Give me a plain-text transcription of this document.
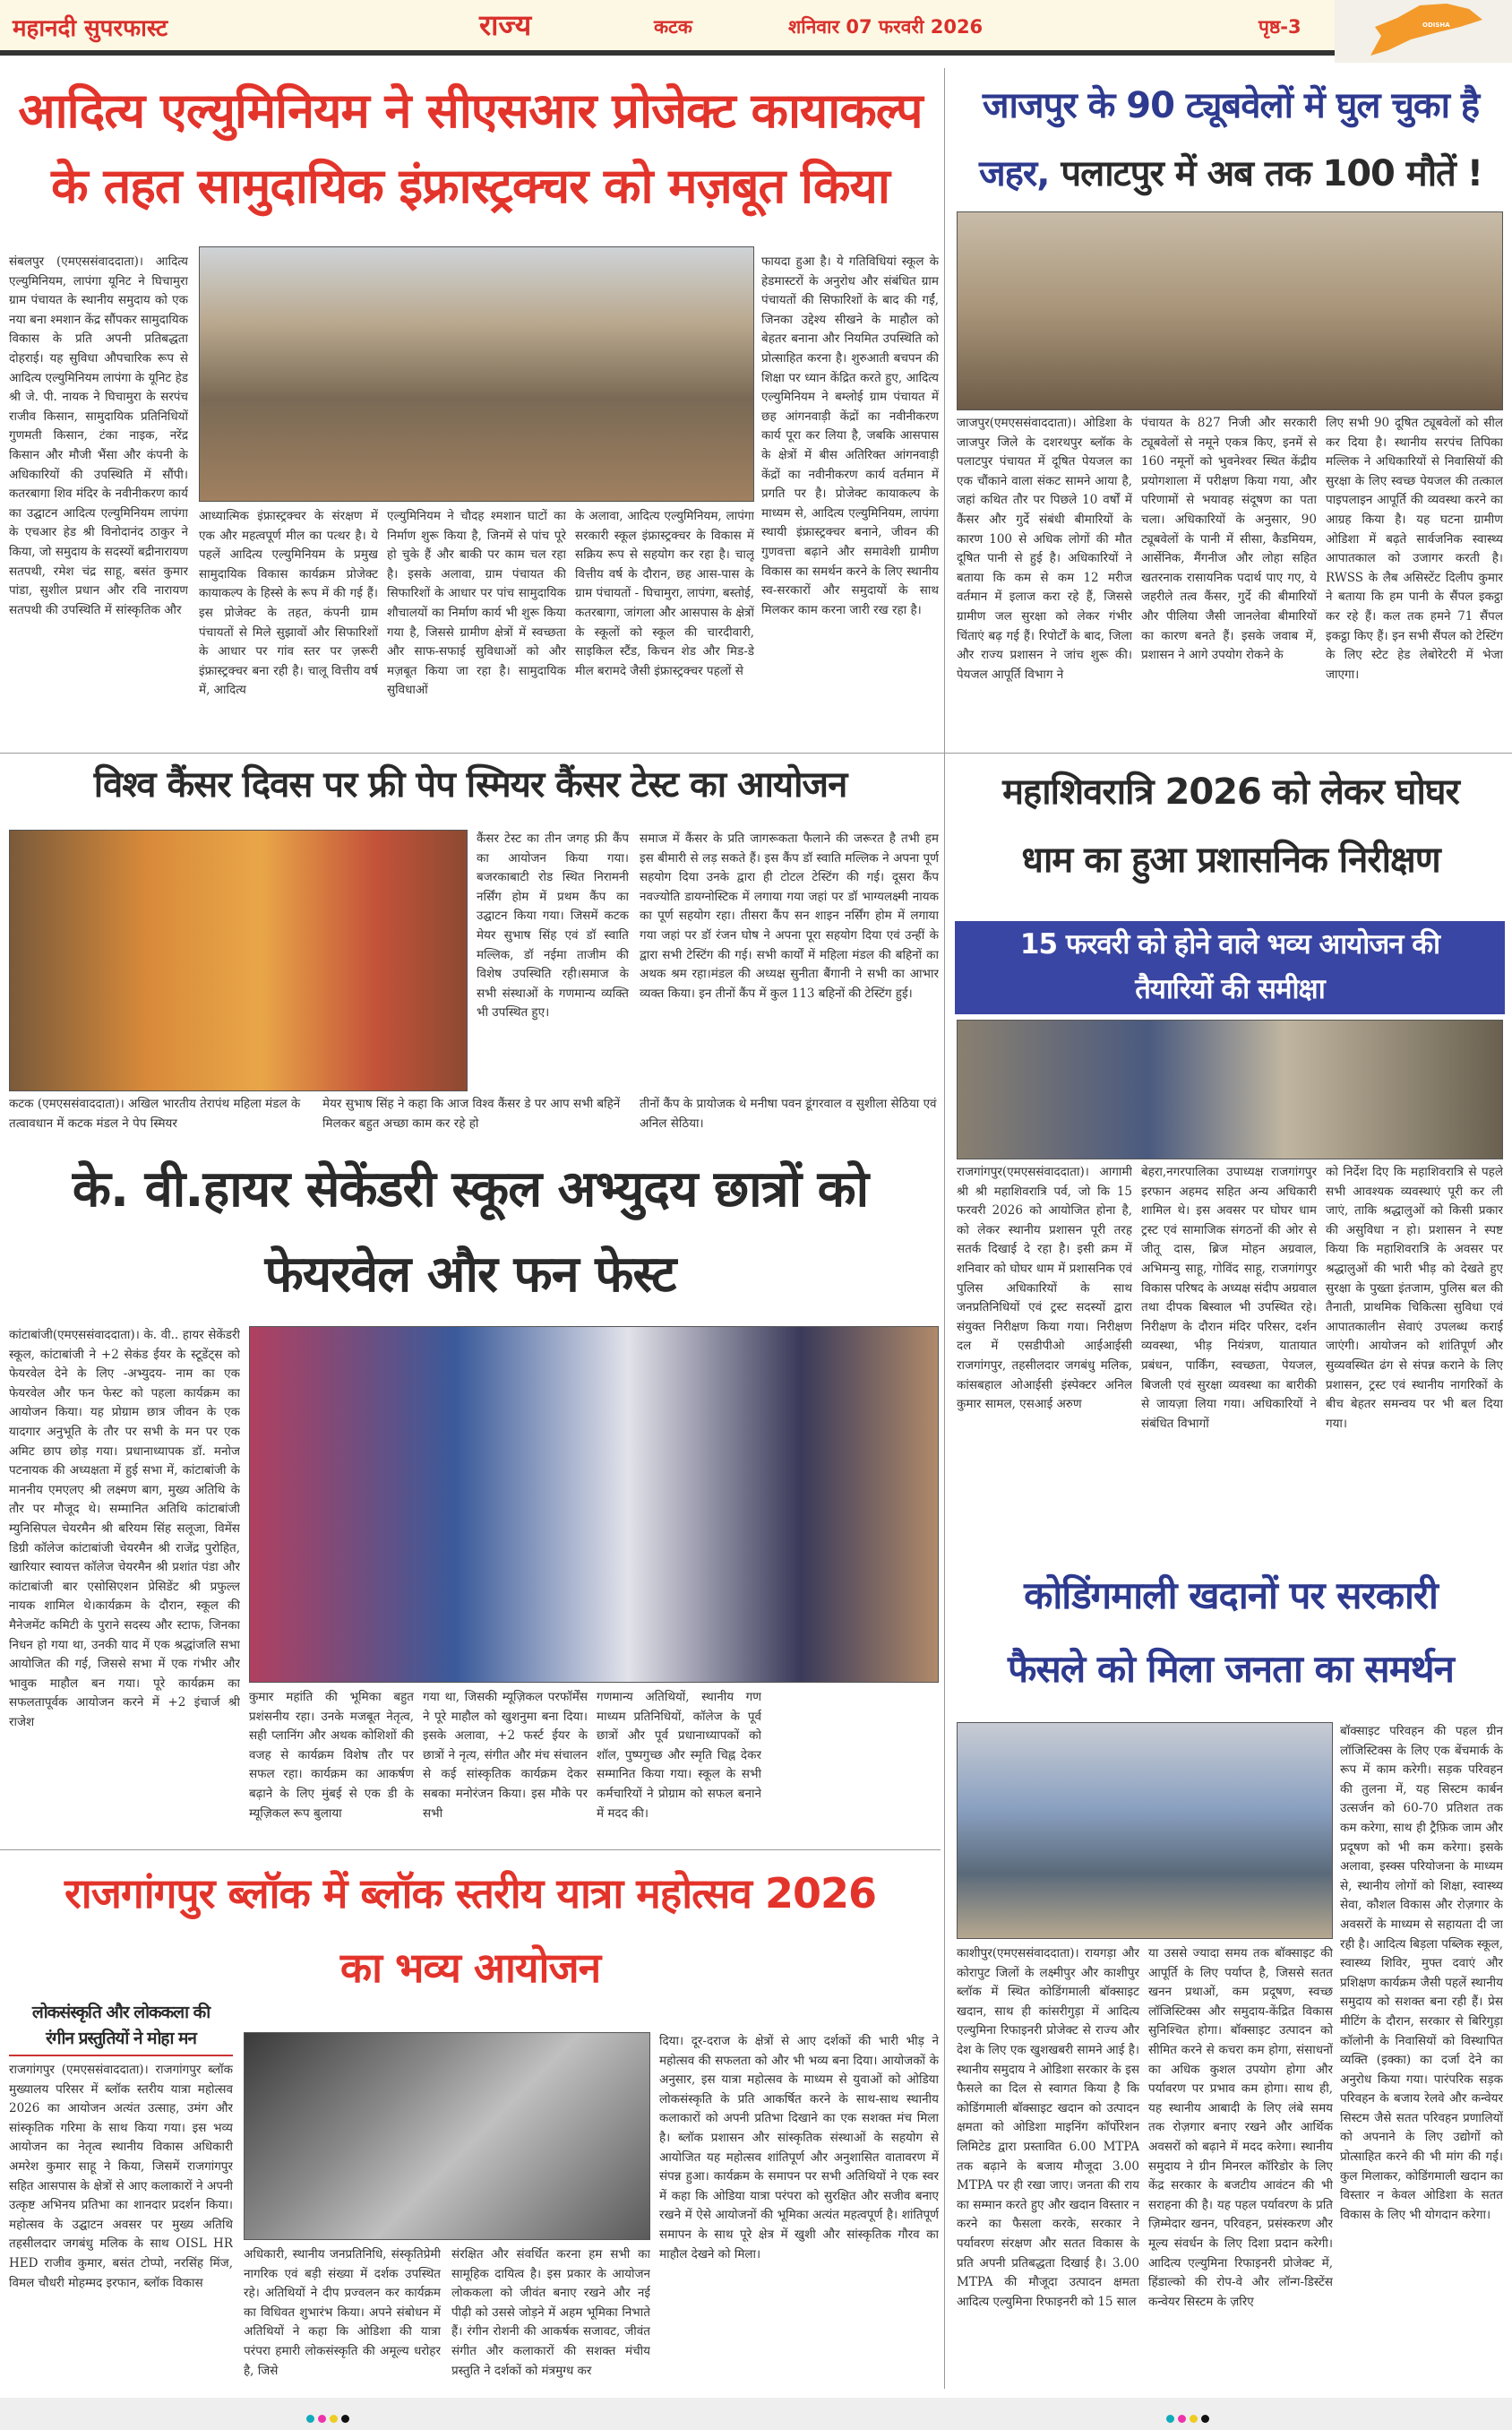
महानदी सुपरफास्ट	राज्य	कटक	शनिवार 07 फरवरी 2026	पृष्ठ-3	ODISHA
आदित्य एल्युमिनियम ने सीएसआर प्रोजेक्ट कायाकल्प
के तहत सामुदायिक इंफ्रास्ट्रक्चर को मज़बूत किया
संबलपुर (एमएससंवाददाता)। आदित्य एल्युमिनियम, लापंगा यूनिट ने घिचामुरा ग्राम पंचायत के स्थानीय समुदाय को एक नया बना श्मशान केंद्र सौंपकर सामुदायिक विकास के प्रति अपनी प्रतिबद्धता दोहराई। यह सुविधा औपचारिक रूप से आदित्य एल्युमिनियम लापंगा के यूनिट हेड श्री जे. पी. नायक ने घिचामुरा के सरपंच राजीव किसान, सामुदायिक प्रतिनिधियों गुणमती किसान, टंका नाइक, नरेंद्र किसान और मौजी भैंसा और कंपनी के अधिकारियों की उपस्थिति में सौंपी। कतरबागा शिव मंदिर के नवीनीकरण कार्य का उद्घाटन आदित्य एल्युमिनियम लापंगा के एचआर हेड श्री विनोदानंद ठाकुर ने किया, जो समुदाय के सदस्यों बद्रीनारायण सतपथी, रमेश चंद्र साहू, बसंत कुमार पांडा, सुशील प्रधान और रवि नारायण सतपथी की उपस्थिति में सांस्कृतिक और
आध्यात्मिक इंफ्रास्ट्रक्चर के संरक्षण में एक और महत्वपूर्ण मील का पत्थर है। ये पहलें आदित्य एल्युमिनियम के प्रमुख सामुदायिक विकास कार्यक्रम प्रोजेक्ट कायाकल्प के हिस्से के रूप में की गई हैं। इस प्रोजेक्ट के तहत, कंपनी ग्राम पंचायतों से मिले सुझावों और सिफारिशों के आधार पर गांव स्तर पर ज़रूरी इंफ्रास्ट्रक्चर बना रही है। चालू वित्तीय वर्ष में, आदित्य
एल्युमिनियम ने चौदह श्मशान घाटों का निर्माण शुरू किया है, जिनमें से पांच पूरे हो चुके हैं और बाकी पर काम चल रहा है। इसके अलावा, ग्राम पंचायत की सिफारिशों के आधार पर पांच सामुदायिक शौचालयों का निर्माण कार्य भी शुरू किया गया है, जिससे ग्रामीण क्षेत्रों में स्वच्छता और साफ-सफाई सुविधाओं को और मज़बूत किया जा रहा है। सामुदायिक सुविधाओं
के अलावा, आदित्य एल्युमिनियम, लापंगा सरकारी स्कूल इंफ्रास्ट्रक्चर के विकास में सक्रिय रूप से सहयोग कर रहा है। चालू वित्तीय वर्ष के दौरान, छह आस-पास के ग्राम पंचायतों - घिचामुरा, लापंगा, बस्तोई, कतरबागा, जांगला और आसपास के क्षेत्रों के स्कूलों को स्कूल की चारदीवारी, साइकिल स्टैंड, किचन शेड और मिड-डे मील बरामदे जैसी इंफ्रास्ट्रक्चर पहलों से
फायदा हुआ है। ये गतिविधियां स्कूल के हेडमास्टरों के अनुरोध और संबंधित ग्राम पंचायतों की सिफारिशों के बाद की गईं, जिनका उद्देश्य सीखने के माहौल को बेहतर बनाना और नियमित उपस्थिति को प्रोत्साहित करना है। शुरुआती बचपन की शिक्षा पर ध्यान केंद्रित करते हुए, आदित्य एल्युमिनियम ने बम्लोई ग्राम पंचायत में छह आंगनवाड़ी केंद्रों का नवीनीकरण कार्य पूरा कर लिया है, जबकि आसपास के क्षेत्रों में बीस अतिरिक्त आंगनवाड़ी केंद्रों का नवीनीकरण कार्य वर्तमान में प्रगति पर है। प्रोजेक्ट कायाकल्प के माध्यम से, आदित्य एल्युमिनियम, लापंगा स्थायी इंफ्रास्ट्रक्चर बनाने, जीवन की गुणवत्ता बढ़ाने और समावेशी ग्रामीण विकास का समर्थन करने के लिए स्थानीय स्व-सरकारों और समुदायों के साथ मिलकर काम करना जारी रख रहा है।
जाजपुर के 90 ट्यूबवेलों में घुल चुका है
जहर, पलाटपुर में अब तक 100 मौतें !
जाजपुर(एमएससंवाददाता)। ओडिशा के जाजपुर जिले के दशरथपुर ब्लॉक के पलाटपुर पंचायत में दूषित पेयजल का एक चौंकाने वाला संकट सामने आया है, जहां कथित तौर पर पिछले 10 वर्षों में कैंसर और गुर्दे संबंधी बीमारियों के कारण 100 से अधिक लोगों की मौत दूषित पानी से हुई है। अधिकारियों ने बताया कि कम से कम 12 मरीज वर्तमान में इलाज करा रहे हैं, जिससे ग्रामीण जल सुरक्षा को लेकर गंभीर चिंताएं बढ़ गई हैं। रिपोर्टों के बाद, जिला और राज्य प्रशासन ने जांच शुरू की। पेयजल आपूर्ति विभाग ने
पंचायत के 827 निजी और सरकारी ट्यूबवेलों से नमूने एकत्र किए, इनमें से 160 नमूनों को भुवनेश्वर स्थित केंद्रीय प्रयोगशाला में परीक्षण किया गया, और परिणामों से भयावह संदूषण का पता चला। अधिकारियों के अनुसार, 90 ट्यूबवेलों के पानी में सीसा, कैडमियम, आर्सेनिक, मैंगनीज और लोहा सहित खतरनाक रासायनिक पदार्थ पाए गए, ये जहरीले तत्व कैंसर, गुर्दे की बीमारियों और पीलिया जैसी जानलेवा बीमारियों का कारण बनते हैं। इसके जवाब में, प्रशासन ने आगे उपयोग रोकने के
लिए सभी 90 दूषित ट्यूबवेलों को सील कर दिया है। स्थानीय सरपंच तिपिका मल्लिक ने अधिकारियों से निवासियों की सुरक्षा के लिए स्वच्छ पेयजल की तत्काल पाइपलाइन आपूर्ति की व्यवस्था करने का आग्रह किया है। यह घटना ग्रामीण ओडिशा में बढ़ते सार्वजनिक स्वास्थ्य आपातकाल को उजागर करती है। RWSS के लैब असिस्टेंट दिलीप कुमार ने बताया कि हम पानी के सैंपल इकट्ठा कर रहे हैं। कल तक हमने 71 सैंपल इकट्ठा किए हैं। इन सभी सैंपल को टेस्टिंग के लिए स्टेट हेड लेबोरेटरी में भेजा जाएगा।
विश्व कैंसर दिवस पर फ्री पेप स्मियर कैंसर टेस्ट का आयोजन
कैंसर टेस्ट का तीन जगह फ्री कैंप का आयोजन किया गया। बजरकाबाटी रोड स्थित निरामनी नर्सिंग होम में प्रथम कैंप का उद्घाटन किया गया। जिसमें कटक मेयर सुभाष सिंह एवं डॉ स्वाति मल्लिक, डॉ नईमा ताजीम की विशेष उपस्थिति रही।समाज के सभी संस्थाओं के गणमान्य व्यक्ति भी उपस्थित हुए।
समाज में कैंसर के प्रति जागरूकता फैलाने की जरूरत है तभी हम इस बीमारी से लड़ सकते हैं। इस कैंप डॉ स्वाति मल्लिक ने अपना पूर्ण सहयोग दिया उनके द्वारा ही टोटल टेस्टिंग की गई। दूसरा कैंप नवज्योति डायग्नोस्टिक में लगाया गया जहां पर डॉ भाग्यलक्ष्मी नायक का पूर्ण सहयोग रहा। तीसरा कैंप सन शाइन नर्सिंग होम में लगाया गया जहां पर डॉ रंजन घोष ने अपना पूरा सहयोग दिया एवं उन्हीं के द्वारा सभी टेस्टिंग की गई। सभी कार्यों में महिला मंडल की बहिनों का अथक श्रम रहा।मंडल की अध्यक्ष सुनीता बैंगानी ने सभी का आभार व्यक्त किया। इन तीनों कैंप में कुल 113 बहिनों की टेस्टिंग हुई।
कटक (एमएससंवाददाता)। अखिल भारतीय तेरापंथ महिला मंडल के तत्वावधान में कटक मंडल ने पेप स्मियर
मेयर सुभाष सिंह ने कहा कि आज विश्व कैंसर डे पर आप सभी बहिनें मिलकर बहुत अच्छा काम कर रहे हो
तीनों कैंप के प्रायोजक थे मनीषा पवन डूंगरवाल व सुशीला सेठिया एवं अनिल सेठिया।
महाशिवरात्रि 2026 को लेकर घोघर
धाम का हुआ प्रशासनिक निरीक्षण
15 फरवरी को होने वाले भव्य आयोजन की
तैयारियों की समीक्षा
राजगांगपुर(एमएससंवाददाता)। आगामी श्री श्री महाशिवरात्रि पर्व, जो कि 15 फरवरी 2026 को आयोजित होना है, को लेकर स्थानीय प्रशासन पूरी तरह सतर्क दिखाई दे रहा है। इसी क्रम में शनिवार को घोघर धाम में प्रशासनिक एवं पुलिस अधिकारियों के साथ जनप्रतिनिधियों एवं ट्रस्ट सदस्यों द्वारा संयुक्त निरीक्षण किया गया। निरीक्षण दल में एसडीपीओ आईआईसी राजगांगपुर, तहसीलदार जगबंधु मलिक, कांसबहाल ओआईसी इंस्पेक्टर अनिल कुमार सामल, एसआई अरुण
बेहरा,नगरपालिका उपाध्यक्ष राजगांगपुर इरफान अहमद सहित अन्य अधिकारी शामिल थे। इस अवसर पर घोघर धाम ट्रस्ट एवं सामाजिक संगठनों की ओर से जीतू दास, ब्रिज मोहन अग्रवाल, अभिमन्यु साहू, गोविंद साहू, राजगांगपुर विकास परिषद के अध्यक्ष संदीप अग्रवाल तथा दीपक बिस्वाल भी उपस्थित रहे। निरीक्षण के दौरान मंदिर परिसर, दर्शन व्यवस्था, भीड़ नियंत्रण, यातायात प्रबंधन, पार्किंग, स्वच्छता, पेयजल, बिजली एवं सुरक्षा व्यवस्था का बारीकी से जायज़ा लिया गया। अधिकारियों ने संबंधित विभागों
को निर्देश दिए कि महाशिवरात्रि से पहले सभी आवश्यक व्यवस्थाएं पूरी कर ली जाएं, ताकि श्रद्धालुओं को किसी प्रकार की असुविधा न हो। प्रशासन ने स्पष्ट किया कि महाशिवरात्रि के अवसर पर श्रद्धालुओं की भारी भीड़ को देखते हुए सुरक्षा के पुख्ता इंतजाम, पुलिस बल की तैनाती, प्राथमिक चिकित्सा सुविधा एवं आपातकालीन सेवाएं उपलब्ध कराई जाएंगी। आयोजन को शांतिपूर्ण और सुव्यवस्थित ढंग से संपन्न कराने के लिए प्रशासन, ट्रस्ट एवं स्थानीय नागरिकों के बीच बेहतर समन्वय पर भी बल दिया गया।
के. वी.हायर सेकेंडरी स्कूल अभ्युदय छात्रों को
फेयरवेल और फन फेस्ट
कांटाबांजी(एमएससंवाददाता)। के. वी.. हायर सेकेंडरी स्कूल, कांटाबांजी ने +2 सेकंड ईयर के स्टूडेंट्स को फेयरवेल देने के लिए -अभ्युदय- नाम का एक फेयरवेल और फन फेस्ट को पहला कार्यक्रम का आयोजन किया। यह प्रोग्राम छात्र जीवन के एक यादगार अनुभूति के तौर पर सभी के मन पर एक अमिट छाप छोड़ गया। प्रधानाध्यापक डॉ. मनोज पटनायक की अध्यक्षता में हुई सभा में, कांटाबांजी के माननीय एमएलए श्री लक्ष्मण बाग, मुख्य अतिथि के तौर पर मौजूद थे। सम्मानित अतिथि कांटाबांजी म्युनिसिपल चेयरमैन श्री बरियम सिंह सलूजा, विमेंस डिग्री कॉलेज कांटाबांजी चेयरमैन श्री राजेंद्र पुरोहित, खारियार स्वायत्त कॉलेज चेयरमैन श्री प्रशांत पंडा और कांटाबांजी बार एसोसिएशन प्रेसिडेंट श्री प्रफुल्ल नायक शामिल थे।कार्यक्रम के दौरान, स्कूल की मैनेजमेंट कमिटी के पुराने सदस्य और स्टाफ, जिनका निधन हो गया था, उनकी याद में एक श्रद्धांजलि सभा आयोजित की गई, जिससे सभा में एक गंभीर और भावुक माहौल बन गया। पूरे कार्यक्रम का सफलतापूर्वक आयोजन करने में +2 इंचार्ज श्री राजेश
कुमार महांति की भूमिका बहुत प्रशंसनीय रहा। उनके मजबूत नेतृत्व, सही प्लानिंग और अथक कोशिशों की वजह से कार्यक्रम विशेष तौर पर सफल रहा। कार्यक्रम का आकर्षण बढ़ाने के लिए मुंबई से एक डी के म्यूज़िकल रूप बुलाया
गया था, जिसकी म्यूज़िकल परफॉर्मेंस ने पूरे माहौल को खुशनुमा बना दिया। इसके अलावा, +2 फर्स्ट ईयर के छात्रों ने नृत्य, संगीत और मंच संचालन से कई सांस्कृतिक कार्यक्रम देकर सबका मनोरंजन किया। इस मौके पर सभी
गणमान्य अतिथियों, स्थानीय गण माध्यम प्रतिनिधियों, कॉलेज के पूर्व छात्रों और पूर्व प्रधानाध्यापकों को शॉल, पुष्पगुच्छ और स्मृति चिह्न देकर सम्मानित किया गया। स्कूल के सभी कर्मचारियों ने प्रोग्राम को सफल बनाने में मदद की।
कोडिंगमाली खदानों पर सरकारी
फैसले को मिला जनता का समर्थन
बॉक्साइट परिवहन की पहल ग्रीन लॉजिस्टिक्स के लिए एक बेंचमार्क के रूप में काम करेगी। सड़क परिवहन की तुलना में, यह सिस्टम कार्बन उत्सर्जन को 60-70 प्रतिशत तक कम करेगा, साथ ही ट्रैफ़िक जाम और प्रदूषण को भी कम करेगा। इसके अलावा, इस्क्स परियोजना के माध्यम से, स्थानीय लोगों को शिक्षा, स्वास्थ्य सेवा, कौशल विकास और रोज़गार के अवसरों के माध्यम से सहायता दी जा रही है। आदित्य बिड़ला पब्लिक स्कूल, स्वास्थ्य शिविर, मुफ्त दवाएं और प्रशिक्षण कार्यक्रम जैसी पहलें स्थानीय समुदाय को सशक्त बना रही हैं। प्रेस मीटिंग के दौरान, सरकार से बिरिगुड़ा कॉलोनी के निवासियों को विस्थापित व्यक्ति (इक्का) का दर्जा देने का अनुरोध किया गया। पारंपरिक सड़क परिवहन के बजाय रेलवे और कन्वेयर सिस्टम जैसे सतत परिवहन प्रणालियों को अपनाने के लिए उद्योगों को प्रोत्साहित करने की भी मांग की गई। कुल मिलाकर, कोडिंगमाली खदान का विस्तार न केवल ओडिशा के सतत विकास के लिए भी योगदान करेगा।
काशीपुर(एमएससंवाददाता)। रायगड़ा और कोरापुट जिलों के लक्ष्मीपुर और काशीपुर ब्लॉक में स्थित कोडिंगमाली बॉक्साइट खदान, साथ ही कांसरीगुड़ा में आदित्य एल्युमिना रिफाइनरी प्रोजेक्ट से राज्य और देश के लिए एक खुशखबरी सामने आई है। स्थानीय समुदाय ने ओडिशा सरकार के इस फैसले का दिल से स्वागत किया है कि कोडिंगमाली बॉक्साइट खदान को उत्पादन क्षमता को ओडिशा माइनिंग कॉर्पोरेशन लिमिटेड द्वारा प्रस्तावित 6.00 MTPA तक बढ़ाने के बजाय मौजूदा 3.00 MTPA पर ही रखा जाए। जनता की राय का सम्मान करते हुए और खदान विस्तार न करने का फैसला करके, सरकार ने पर्यावरण संरक्षण और सतत विकास के प्रति अपनी प्रतिबद्धता दिखाई है। 3.00 MTPA की मौजूदा उत्पादन क्षमता आदित्य एल्युमिना रिफाइनरी को 15 साल
या उससे ज्यादा समय तक बॉक्साइट की आपूर्ति के लिए पर्याप्त है, जिससे सतत खनन प्रथाओं, कम प्रदूषण, स्वच्छ लॉजिस्टिक्स और समुदाय-केंद्रित विकास सुनिश्चित होगा। बॉक्साइट उत्पादन को सीमित करने से कचरा कम होगा, संसाधनों का अधिक कुशल उपयोग होगा और पर्यावरण पर प्रभाव कम होगा। साथ ही, यह स्थानीय आबादी के लिए लंबे समय तक रोज़गार बनाए रखने और आर्थिक अवसरों को बढ़ाने में मदद करेगा। स्थानीय समुदाय ने ग्रीन मिनरल कॉरिडोर के लिए केंद्र सरकार के बजटीय आवंटन की भी सराहना की है। यह पहल पर्यावरण के प्रति ज़िम्मेदार खनन, परिवहन, प्रसंस्करण और मूल्य संवर्धन के लिए दिशा प्रदान करेगी। आदित्य एल्युमिना रिफाइनरी प्रोजेक्ट में, हिंडाल्को की रोप-वे और लॉन्ग-डिस्टेंस कन्वेयर सिस्टम के ज़रिए
राजगांगपुर ब्लॉक में ब्लॉक स्तरीय यात्रा महोत्सव 2026
का भव्य आयोजन
लोकसंस्कृति और लोककला की
रंगीन प्रस्तुतियों ने मोहा मन
राजगांगपुर (एमएससंवाददाता)। राजगांगपुर ब्लॉक मुख्यालय परिसर में ब्लॉक स्तरीय यात्रा महोत्सव 2026 का आयोजन अत्यंत उत्साह, उमंग और सांस्कृतिक गरिमा के साथ किया गया। इस भव्य आयोजन का नेतृत्व स्थानीय विकास अधिकारी अमरेश कुमार साहू ने किया, जिसमें राजगांगपुर सहित आसपास के क्षेत्रों से आए कलाकारों ने अपनी उत्कृष्ट अभिनय प्रतिभा का शानदार प्रदर्शन किया। महोत्सव के उद्घाटन अवसर पर मुख्य अतिथि तहसीलदार जगबंधु मलिक के साथ OISL HR HED राजीव कुमार, बसंत टोप्पो, नरसिंह मिंज, विमल चौधरी मोहम्मद इरफान, ब्लॉक विकास
अधिकारी, स्थानीय जनप्रतिनिधि, संस्कृतिप्रेमी नागरिक एवं बड़ी संख्या में दर्शक उपस्थित रहे। अतिथियों ने दीप प्रज्वलन कर कार्यक्रम का विधिवत शुभारंभ किया। अपने संबोधन में अतिथियों ने कहा कि ओडिशा की यात्रा परंपरा हमारी लोकसंस्कृति की अमूल्य धरोहर है, जिसे
संरक्षित और संवर्धित करना हम सभी का सामूहिक दायित्व है। इस प्रकार के आयोजन लोककला को जीवंत बनाए रखने और नई पीढ़ी को उससे जोड़ने में अहम भूमिका निभाते हैं। रंगीन रोशनी की आकर्षक सजावट, जीवंत संगीत और कलाकारों की सशक्त मंचीय प्रस्तुति ने दर्शकों को मंत्रमुग्ध कर
दिया। दूर-दराज के क्षेत्रों से आए दर्शकों की भारी भीड़ ने महोत्सव की सफलता को और भी भव्य बना दिया। आयोजकों के अनुसार, इस यात्रा महोत्सव के माध्यम से युवाओं को ओडिया लोकसंस्कृति के प्रति आकर्षित करने के साथ-साथ स्थानीय कलाकारों को अपनी प्रतिभा दिखाने का एक सशक्त मंच मिला है। ब्लॉक प्रशासन और सांस्कृतिक संस्थाओं के सहयोग से आयोजित यह महोत्सव शांतिपूर्ण और अनुशासित वातावरण में संपन्न हुआ। कार्यक्रम के समापन पर सभी अतिथियों ने एक स्वर में कहा कि ओडिया यात्रा परंपरा को सुरक्षित और सजीव बनाए रखने में ऐसे आयोजनों की भूमिका अत्यंत महत्वपूर्ण है। शांतिपूर्ण समापन के साथ पूरे क्षेत्र में खुशी और सांस्कृतिक गौरव का माहौल देखने को मिला।
